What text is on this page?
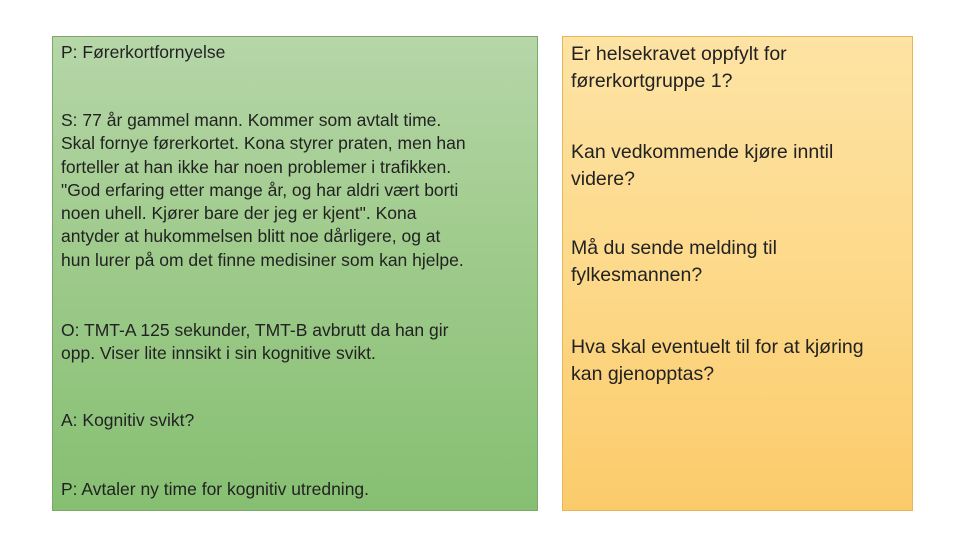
P: Førerkortfornyelse

S: 77 år gammel mann. Kommer som avtalt time.
Skal fornye førerkortet. Kona styrer praten, men han
forteller at han ikke har noen problemer i trafikken.
"God erfaring etter mange år, og har aldri vært borti
noen uhell. Kjører bare der jeg er kjent". Kona
antyder at hukommelsen blitt noe dårligere, og at
hun lurer på om det finne medisiner som kan hjelpe.

O: TMT-A 125 sekunder, TMT-B avbrutt da han gir
opp. Viser lite innsikt i sin kognitive svikt.

A: Kognitiv svikt?

P: Avtaler ny time for kognitiv utredning.

Er helsekravet oppfylt for
førerkortgruppe 1?

Kan vedkommende kjøre inntil
videre?

Må du sende melding til
fylkesmannen?

Hva skal eventuelt til for at kjøring
kan gjenopptas?
